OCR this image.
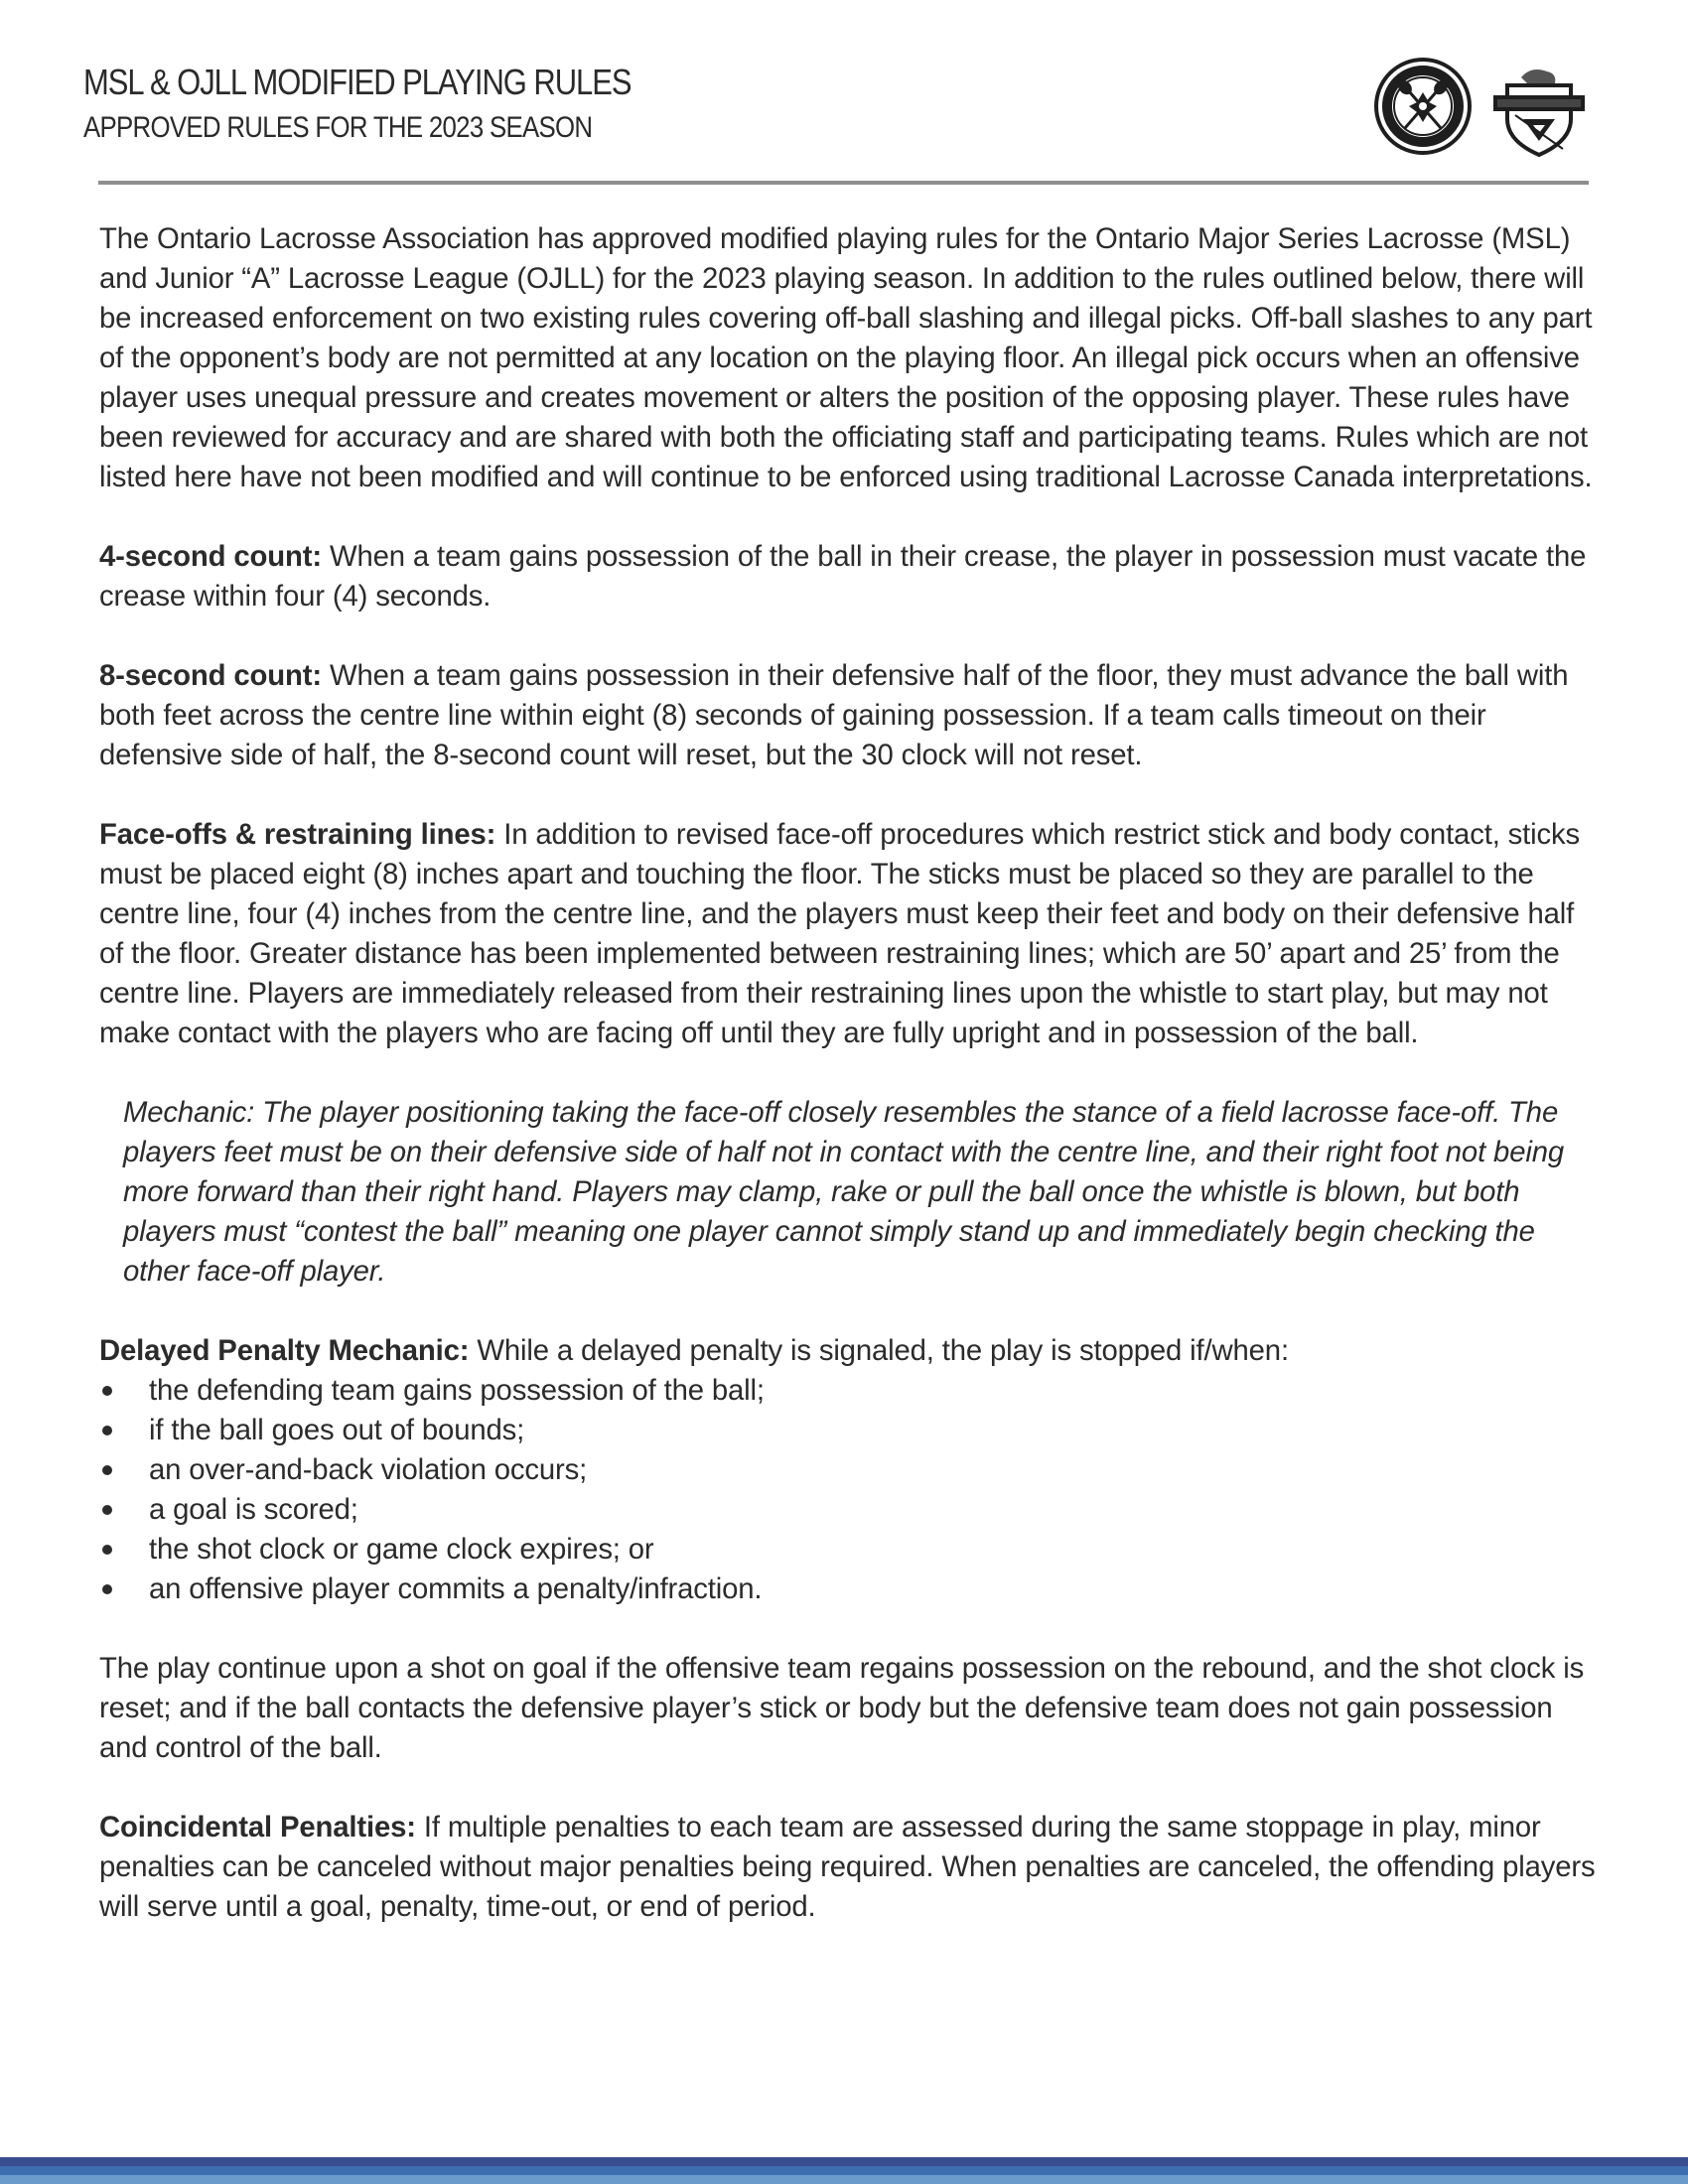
MSL & OJLL MODIFIED PLAYING RULES
APPROVED RULES FOR THE 2023 SEASON

The Ontario Lacrosse Association has approved modified playing rules for the Ontario Major Series Lacrosse (MSL) and Junior “A” Lacrosse League (OJLL) for the 2023 playing season. In addition to the rules outlined below, there will be increased enforcement on two existing rules covering off-ball slashing and illegal picks. Off-ball slashes to any part of the opponent’s body are not permitted at any location on the playing floor. An illegal pick occurs when an offensive player uses unequal pressure and creates movement or alters the position of the opposing player. These rules have been reviewed for accuracy and are shared with both the officiating staff and participating teams. Rules which are not listed here have not been modified and will continue to be enforced using traditional Lacrosse Canada interpretations.

4-second count: When a team gains possession of the ball in their crease, the player in possession must vacate the crease within four (4) seconds.

8-second count: When a team gains possession in their defensive half of the floor, they must advance the ball with both feet across the centre line within eight (8) seconds of gaining possession. If a team calls timeout on their defensive side of half, the 8-second count will reset, but the 30 clock will not reset.

Face-offs & restraining lines: In addition to revised face-off procedures which restrict stick and body contact, sticks must be placed eight (8) inches apart and touching the floor. The sticks must be placed so they are parallel to the centre line, four (4) inches from the centre line, and the players must keep their feet and body on their defensive half of the floor. Greater distance has been implemented between restraining lines; which are 50’ apart and 25’ from the centre line. Players are immediately released from their restraining lines upon the whistle to start play, but may not make contact with the players who are facing off until they are fully upright and in possession of the ball.

Mechanic: The player positioning taking the face-off closely resembles the stance of a field lacrosse face-off. The players feet must be on their defensive side of half not in contact with the centre line, and their right foot not being more forward than their right hand. Players may clamp, rake or pull the ball once the whistle is blown, but both players must “contest the ball” meaning one player cannot simply stand up and immediately begin checking the other face-off player.

Delayed Penalty Mechanic: While a delayed penalty is signaled, the play is stopped if/when:

the defending team gains possession of the ball;
if the ball goes out of bounds;
an over-and-back violation occurs;
a goal is scored;
the shot clock or game clock expires; or
an offensive player commits a penalty/infraction.

The play continue upon a shot on goal if the offensive team regains possession on the rebound, and the shot clock is reset; and if the ball contacts the defensive player’s stick or body but the defensive team does not gain possession and control of the ball.

Coincidental Penalties: If multiple penalties to each team are assessed during the same stoppage in play, minor penalties can be canceled without major penalties being required. When penalties are canceled, the offending players will serve until a goal, penalty, time-out, or end of period.
